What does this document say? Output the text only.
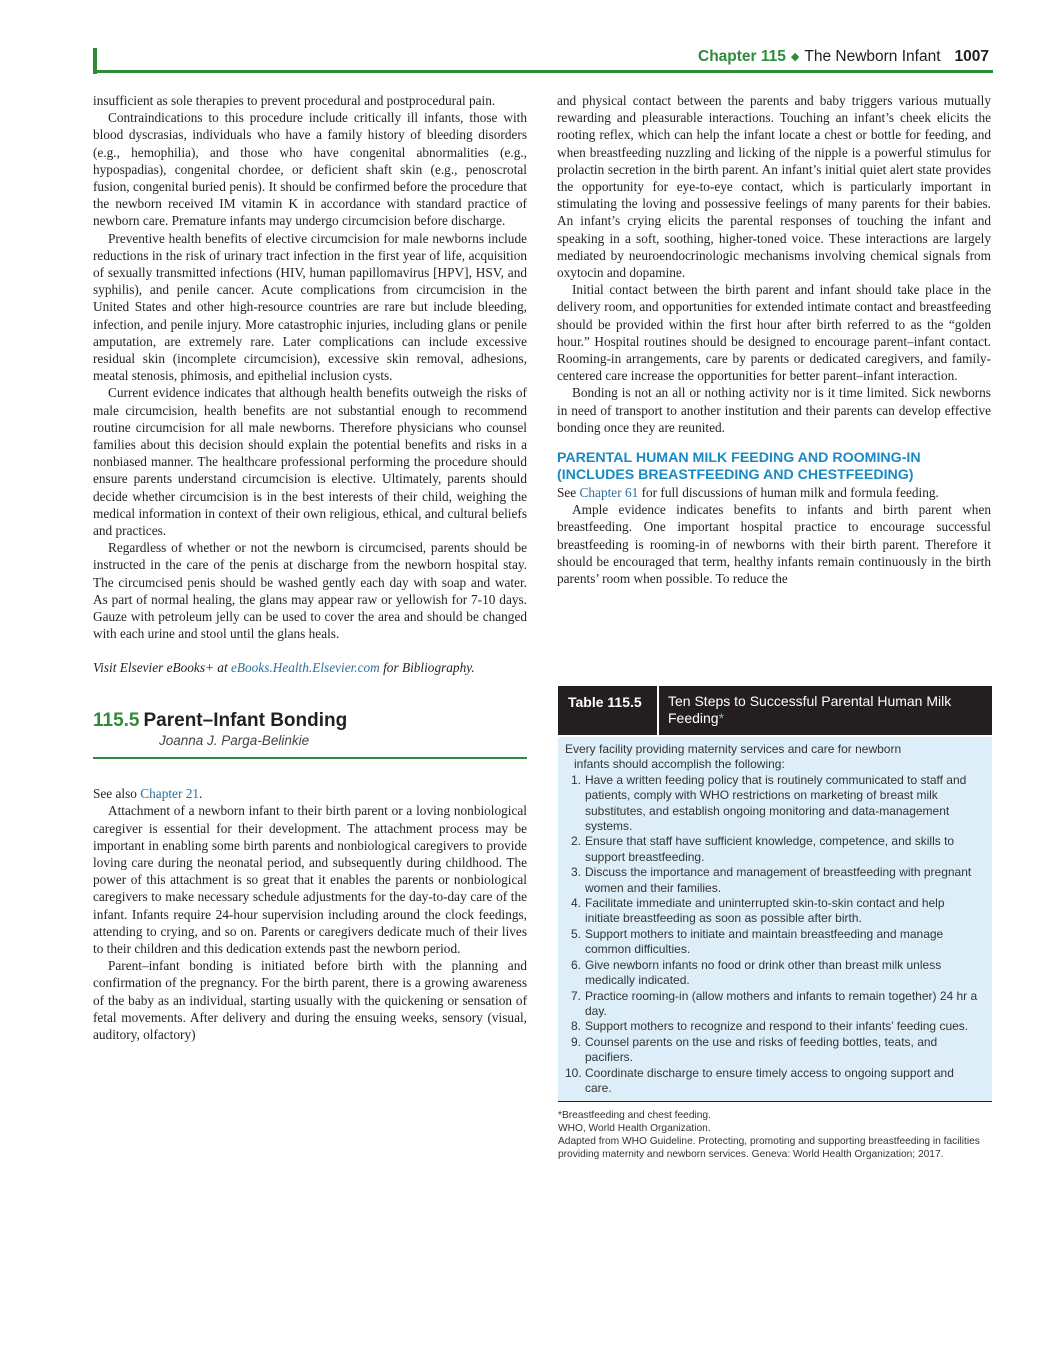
Chapter 115 ◆ The Newborn Infant 1007

insufficient as sole therapies to prevent procedural and postprocedural pain.

Contraindications to this procedure include critically ill infants, those with blood dyscrasias, individuals who have a family history of bleeding disorders (e.g., hemophilia), and those who have congenital abnormalities (e.g., hypospadias), congenital chordee, or deficient shaft skin (e.g., penoscrotal fusion, congenital buried penis). It should be confirmed before the procedure that the newborn received IM vitamin K in accordance with standard practice of newborn care. Premature infants may undergo circumcision before discharge.

Preventive health benefits of elective circumcision for male newborns include reductions in the risk of urinary tract infection in the first year of life, acquisition of sexually transmitted infections (HIV, human papillomavirus [HPV], HSV, and syphilis), and penile cancer. Acute complications from circumcision in the United States and other high-resource countries are rare but include bleeding, infection, and penile injury. More catastrophic injuries, including glans or penile amputation, are extremely rare. Later complications can include excessive residual skin (incomplete circumcision), excessive skin removal, adhesions, meatal stenosis, phimosis, and epithelial inclusion cysts.

Current evidence indicates that although health benefits outweigh the risks of male circumcision, health benefits are not substantial enough to recommend routine circumcision for all male newborns. Therefore physicians who counsel families about this decision should explain the potential benefits and risks in a nonbiased manner. The healthcare professional performing the procedure should ensure parents understand circumcision is elective. Ultimately, parents should decide whether circumcision is in the best interests of their child, weighing the medical information in context of their own religious, ethical, and cultural beliefs and practices.

Regardless of whether or not the newborn is circumcised, parents should be instructed in the care of the penis at discharge from the newborn hospital stay. The circumcised penis should be washed gently each day with soap and water. As part of normal healing, the glans may appear raw or yellowish for 7-10 days. Gauze with petroleum jelly can be used to cover the area and should be changed with each urine and stool until the glans heals.

Visit Elsevier eBooks+ at eBooks.Health.Elsevier.com for Bibliography.

115.5 Parent–Infant Bonding
Joanna J. Parga-Belinkie

See also Chapter 21.

Attachment of a newborn infant to their birth parent or a loving nonbiological caregiver is essential for their development. The attachment process may be important in enabling some birth parents and nonbiological caregivers to provide loving care during the neonatal period, and subsequently during childhood. The power of this attachment is so great that it enables the parents or nonbiological caregivers to make necessary schedule adjustments for the day-to-day care of the infant. Infants require 24-hour supervision including around the clock feedings, attending to crying, and so on. Parents or caregivers dedicate much of their lives to their children and this dedication extends past the newborn period.

Parent–infant bonding is initiated before birth with the planning and confirmation of the pregnancy. For the birth parent, there is a growing awareness of the baby as an individual, starting usually with the quickening or sensation of fetal movements. After delivery and during the ensuing weeks, sensory (visual, auditory, olfactory)

and physical contact between the parents and baby triggers various mutually rewarding and pleasurable interactions. Touching an infant’s cheek elicits the rooting reflex, which can help the infant locate a chest or bottle for feeding, and when breastfeeding nuzzling and licking of the nipple is a powerful stimulus for prolactin secretion in the birth parent. An infant’s initial quiet alert state provides the opportunity for eye-to-eye contact, which is particularly important in stimulating the loving and possessive feelings of many parents for their babies. An infant’s crying elicits the parental responses of touching the infant and speaking in a soft, soothing, higher-toned voice. These interactions are largely mediated by neuroendocrinologic mechanisms involving chemical signals from oxytocin and dopamine.

Initial contact between the birth parent and infant should take place in the delivery room, and opportunities for extended intimate contact and breastfeeding should be provided within the first hour after birth referred to as the “golden hour.” Hospital routines should be designed to encourage parent–infant contact. Rooming-in arrangements, care by parents or dedicated caregivers, and family-centered care increase the opportunities for better parent–infant interaction.

Bonding is not an all or nothing activity nor is it time limited. Sick newborns in need of transport to another institution and their parents can develop effective bonding once they are reunited.

PARENTAL HUMAN MILK FEEDING AND ROOMING-IN (INCLUDES BREASTFEEDING AND CHESTFEEDING)

See Chapter 61 for full discussions of human milk and formula feeding.

Ample evidence indicates benefits to infants and birth parent when breastfeeding. One important hospital practice to encourage successful breastfeeding is rooming-in of newborns with their birth parent. Therefore it should be encouraged that term, healthy infants remain continuously in the birth parents’ room when possible. To reduce the

Table 115.5	Ten Steps to Successful Parental Human Milk Feeding*
Every facility providing maternity services and care for newborn
infants should accomplish the following:
1. Have a written feeding policy that is routinely communicated to staff and patients, comply with WHO restrictions on marketing of breast milk substitutes, and establish ongoing monitoring and data-management systems.
2. Ensure that staff have sufficient knowledge, competence, and skills to support breastfeeding.
3. Discuss the importance and management of breastfeeding with pregnant women and their families.
4. Facilitate immediate and uninterrupted skin-to-skin contact and help initiate breastfeeding as soon as possible after birth.
5. Support mothers to initiate and maintain breastfeeding and manage common difficulties.
6. Give newborn infants no food or drink other than breast milk unless medically indicated.
7. Practice rooming-in (allow mothers and infants to remain together) 24 hr a day.
8. Support mothers to recognize and respond to their infants’ feeding cues.
9. Counsel parents on the use and risks of feeding bottles, teats, and pacifiers.
10. Coordinate discharge to ensure timely access to ongoing support and care.
*Breastfeeding and chest feeding.
WHO, World Health Organization.
Adapted from WHO Guideline. Protecting, promoting and supporting breastfeeding in facilities providing maternity and newborn services. Geneva: World Health Organization; 2017.
